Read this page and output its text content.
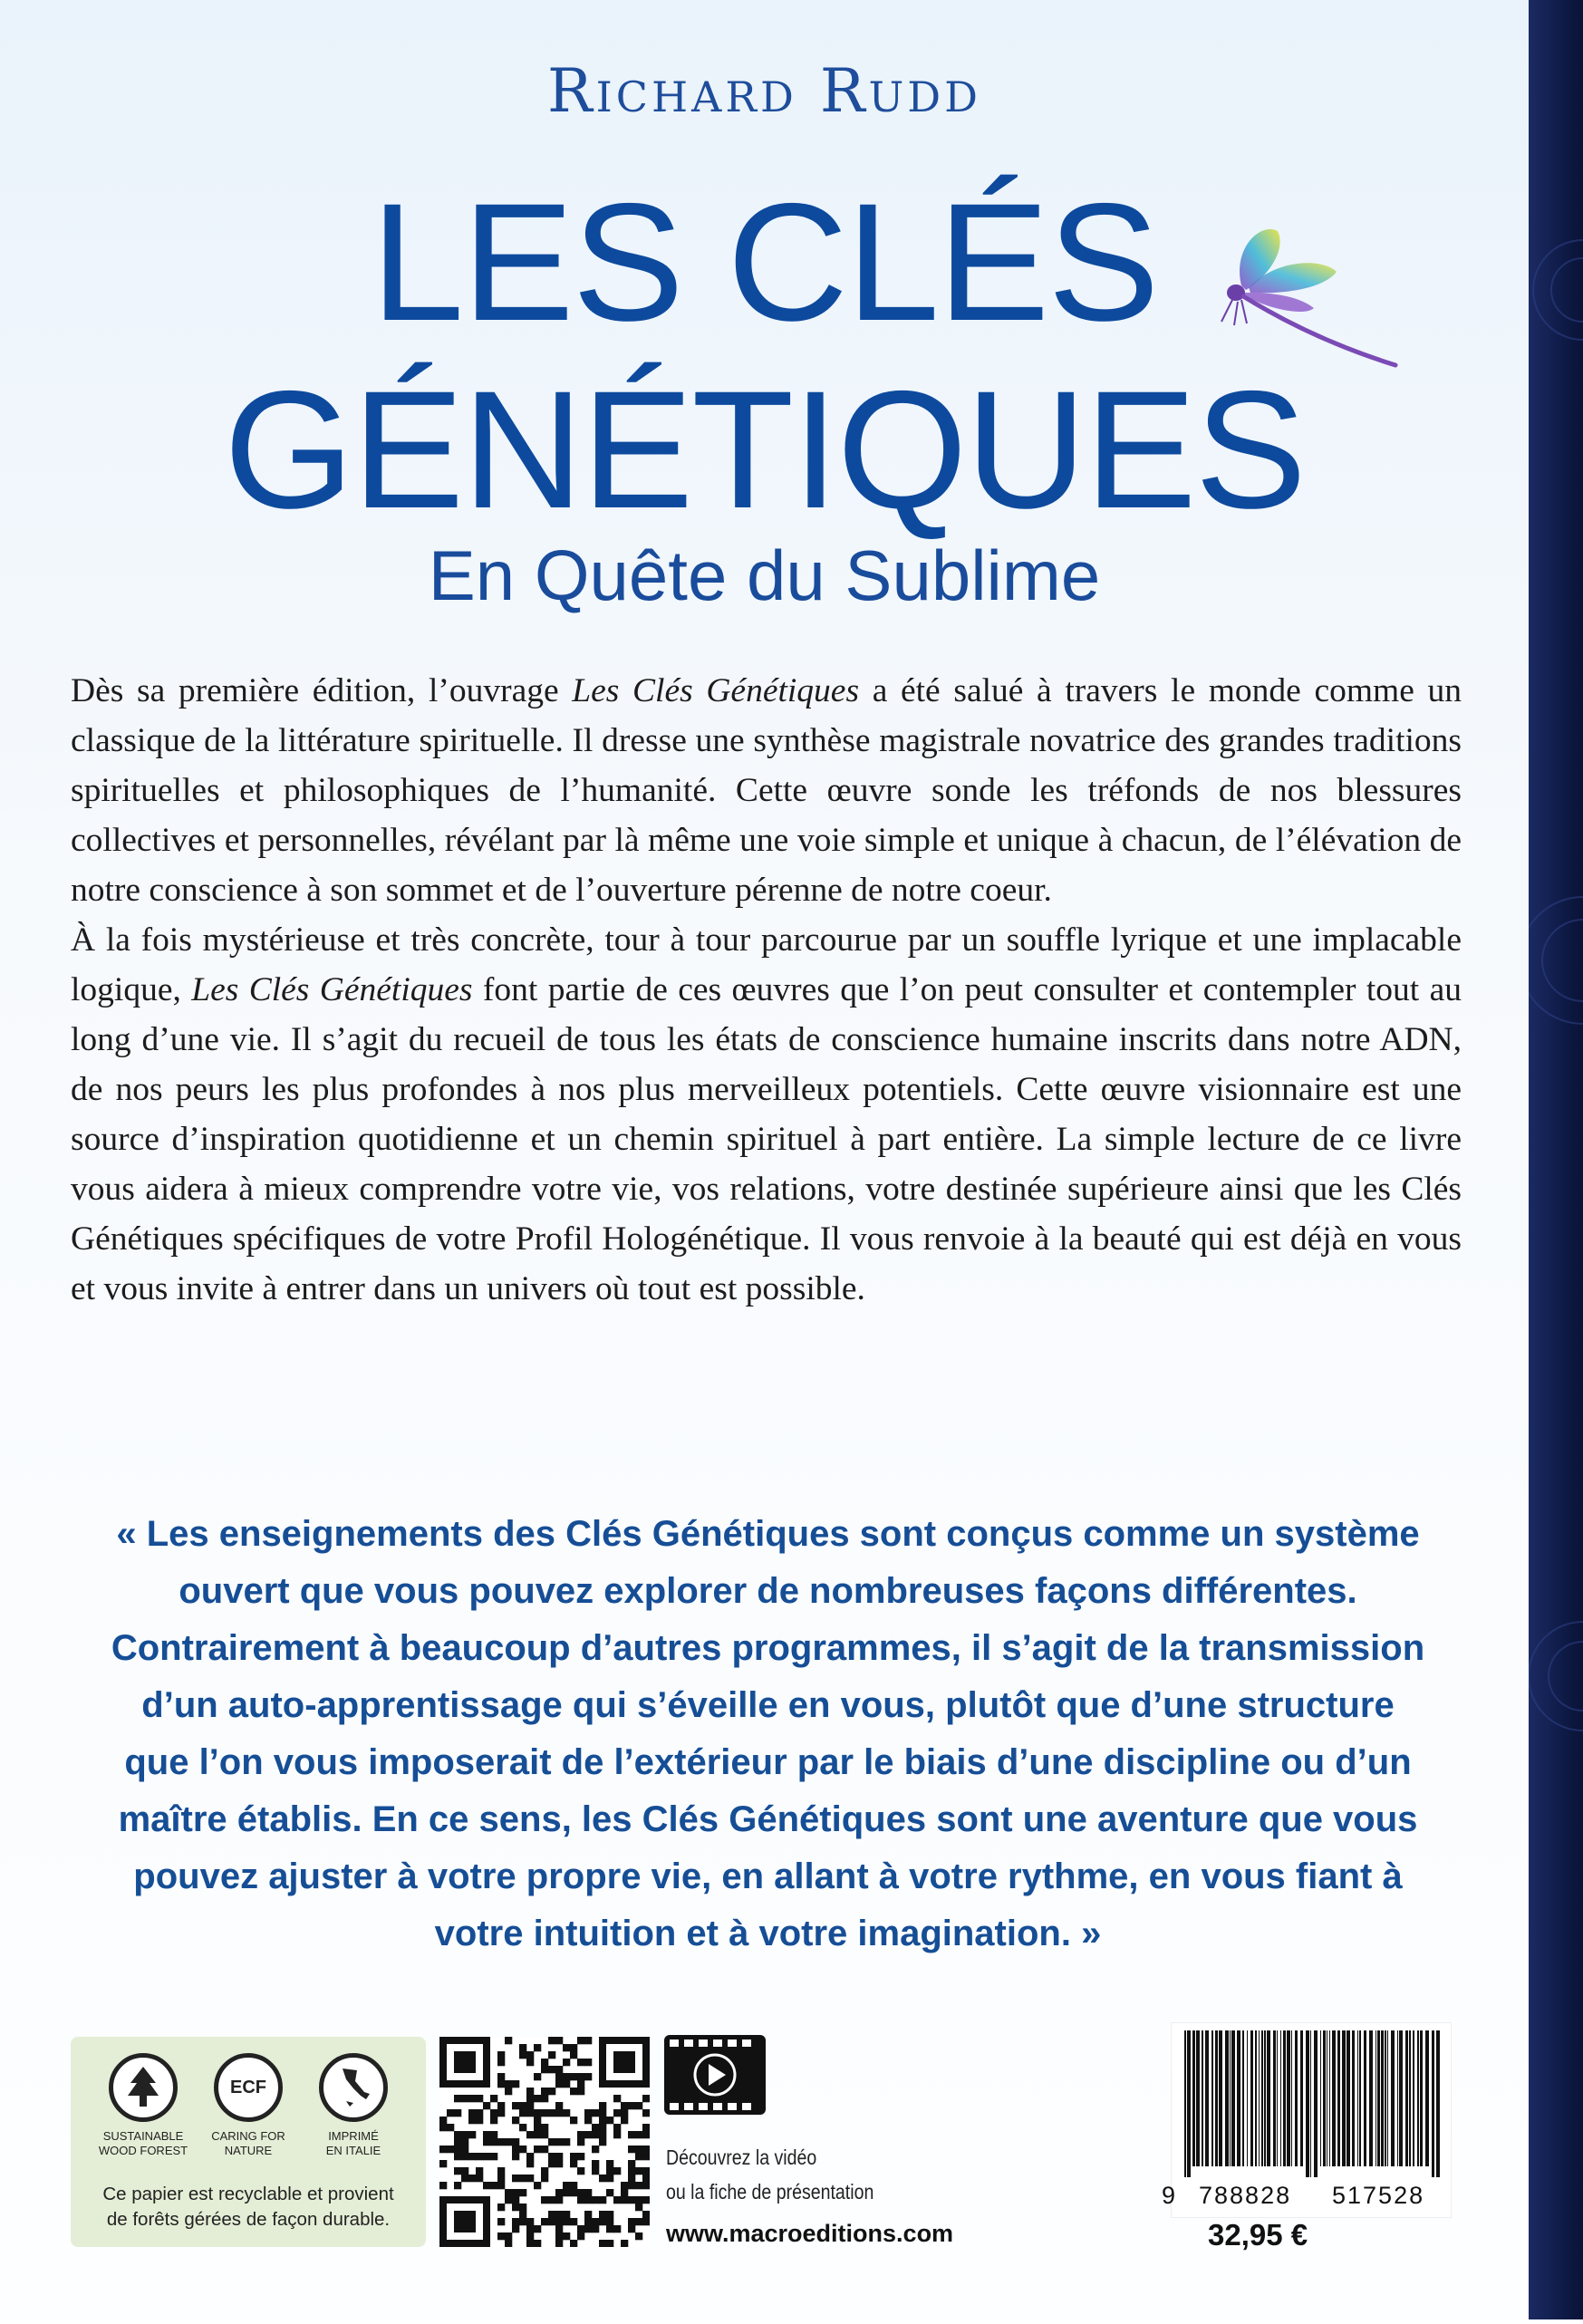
Richard Rudd
LES CLÉS
GÉNÉTIQUES
En Quête du Sublime

Dès sa première édition, l’ouvrage Les Clés Génétiques a été salué à travers le monde comme un classique de la littérature spirituelle. Il dresse une synthèse magistrale novatrice des grandes traditions spirituelles et philosophiques de l’humanité. Cette œuvre sonde les tréfonds de nos blessures collectives et personnelles, révélant par là même une voie simple et unique à chacun, de l’élévation de notre conscience à son sommet et de l’ouverture pérenne de notre coeur.

À la fois mystérieuse et très concrète, tour à tour parcourue par un souffle lyrique et une implacable logique, Les Clés Génétiques font partie de ces œuvres que l’on peut consulter et contempler tout au long d’une vie. Il s’agit du recueil de tous les états de conscience humaine inscrits dans notre ADN, de nos peurs les plus profondes à nos plus merveilleux potentiels. Cette œuvre visionnaire est une source d’inspiration quotidienne et un chemin spirituel à part entière. La simple lecture de ce livre vous aidera à mieux comprendre votre vie, vos relations, votre destinée supérieure ainsi que les Clés Génétiques spécifiques de votre Profil Hologénétique. Il vous renvoie à la beauté qui est déjà en vous et vous invite à entrer dans un univers où tout est possible.

« Les enseignements des Clés Génétiques sont conçus comme un système
ouvert que vous pouvez explorer de nombreuses façons différentes.
Contrairement à beaucoup d’autres programmes, il s’agit de la transmission
d’un auto-apprentissage qui s’éveille en vous, plutôt que d’une structure
que l’on vous imposerait de l’extérieur par le biais d’une discipline ou d’un
maître établis. En ce sens, les Clés Génétiques sont une aventure que vous
pouvez ajuster à votre propre vie, en allant à votre rythme, en vous fiant à
votre intuition et à votre imagination. »
ECF
SUSTAINABLE
WOOD FOREST
CARING FOR
NATURE
IMPRIMÉ
EN ITALIE
Ce papier est recyclable et provient
de forêts gérées de façon durable.
Découvrez la vidéo
ou la fiche de présentation
www.macroeditions.com
9 788828 517528
32,95 €
